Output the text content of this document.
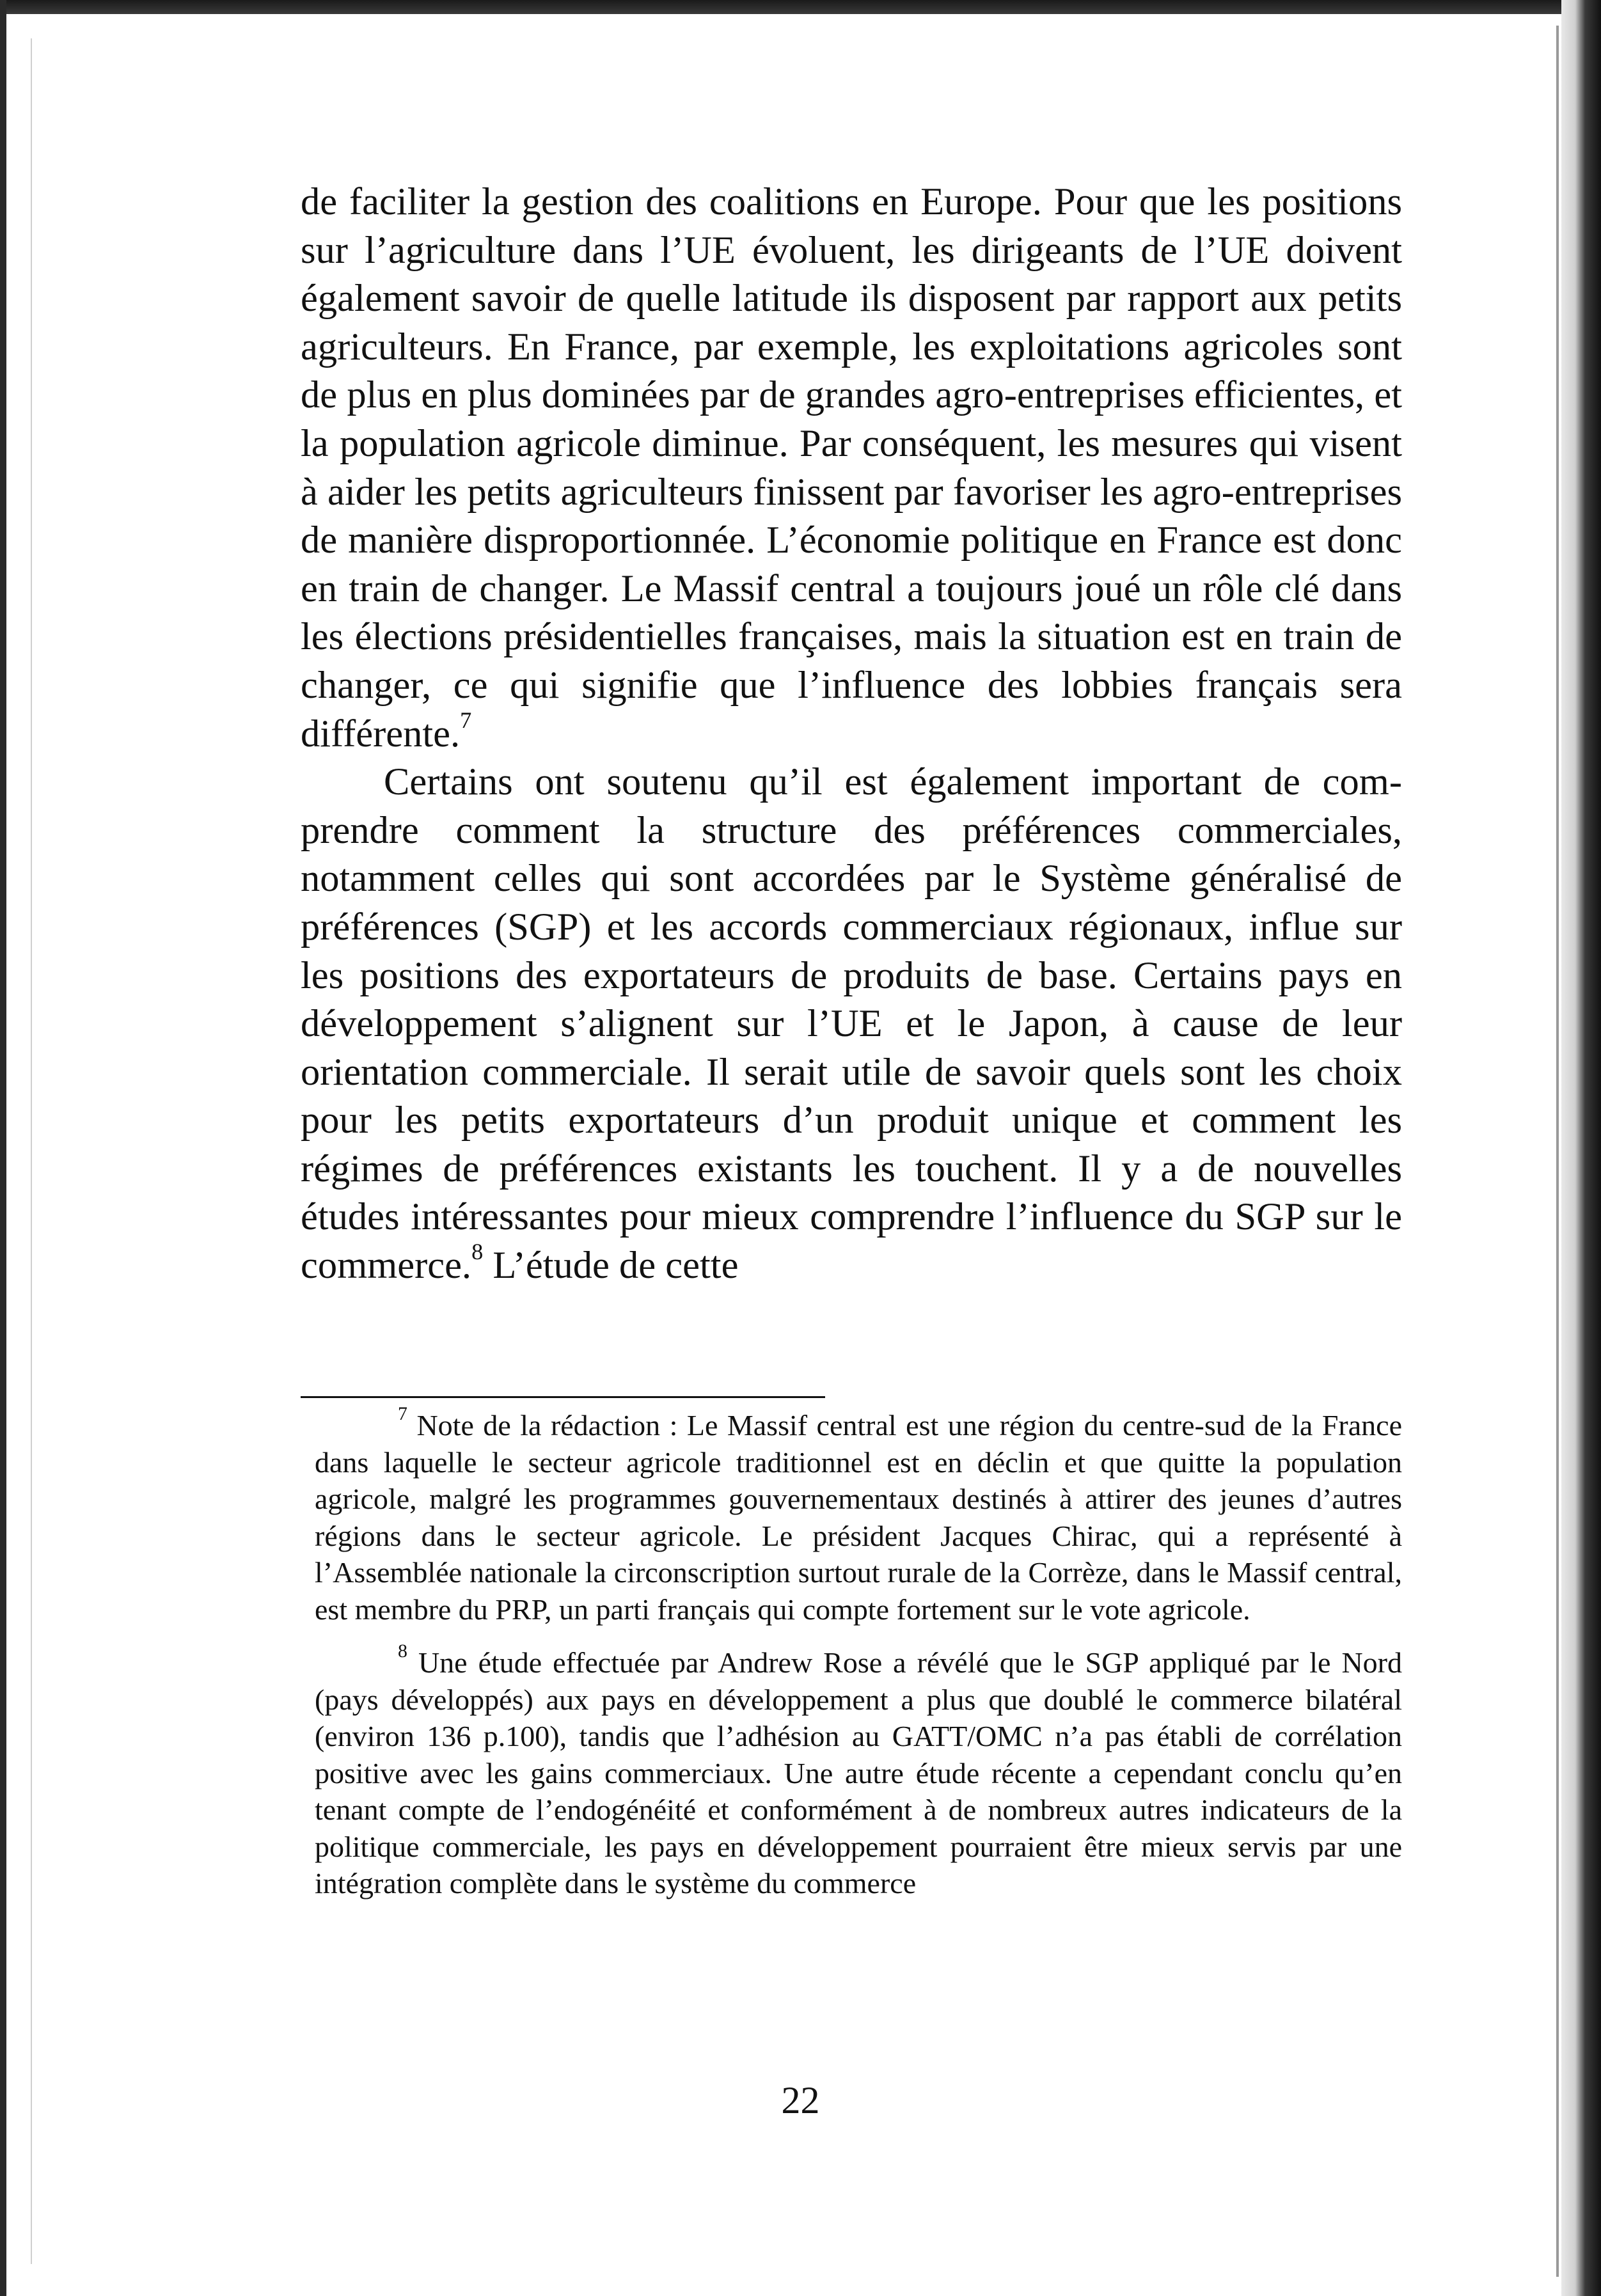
de faciliter la gestion des coalitions en Europe. Pour que les positions sur l’agriculture dans l’UE évoluent, les dirigeants de l’UE doivent également savoir de quelle latitude ils disposent par rapport aux petits agriculteurs. En France, par exemple, les exploitations agricoles sont de plus en plus dominées par de grandes agro-entreprises efficientes, et la population agricole diminue. Par conséquent, les mesures qui visent à aider les petits agriculteurs finissent par favoriser les agro-entreprises de manière disproportionnée. L’économie politique en France est donc en train de changer. Le Massif central a toujours joué un rôle clé dans les élections présidentielles françaises, mais la situation est en train de changer, ce qui signifie que l’influence des lobbies français sera différente.$^7$

Certains ont soutenu qu’il est également important de comprendre comment la structure des préférences commerciales, notamment celles qui sont accordées par le Système généralisé de préférences (SGP) et les accords commerciaux régionaux, influe sur les positions des exportateurs de produits de base. Certains pays en développement s’alignent sur l’UE et le Japon, à cause de leur orientation commerciale. Il serait utile de savoir quels sont les choix pour les petits exportateurs d’un produit unique et comment les régimes de préférences existants les touchent. Il y a de nouvelles études intéressantes pour mieux comprendre l’influence du SGP sur le commerce.$^8$ L’étude de cette

$^7$ Note de la rédaction : Le Massif central est une région du centre-sud de la France dans laquelle le secteur agricole traditionnel est en déclin et que quitte la population agricole, malgré les programmes gouvernementaux destinés à attirer des jeunes d’autres régions dans le secteur agricole. Le président Jacques Chirac, qui a représenté à l’Assemblée nationale la circonscription surtout rurale de la Corrèze, dans le Massif central, est membre du PRP, un parti français qui compte fortement sur le vote agricole.

$^8$ Une étude effectuée par Andrew Rose a révélé que le SGP appliqué par le Nord (pays développés) aux pays en développement a plus que doublé le commerce bilatéral (environ 136 p.100), tandis que l’adhésion au GATT/OMC n’a pas établi de corrélation positive avec les gains commerciaux. Une autre étude récente a cependant conclu qu’en tenant compte de l’endogénéité et conformément à de nombreux autres indicateurs de la politique commerciale, les pays en développement pourraient être mieux servis par une intégration complète dans le système du commerce

22
